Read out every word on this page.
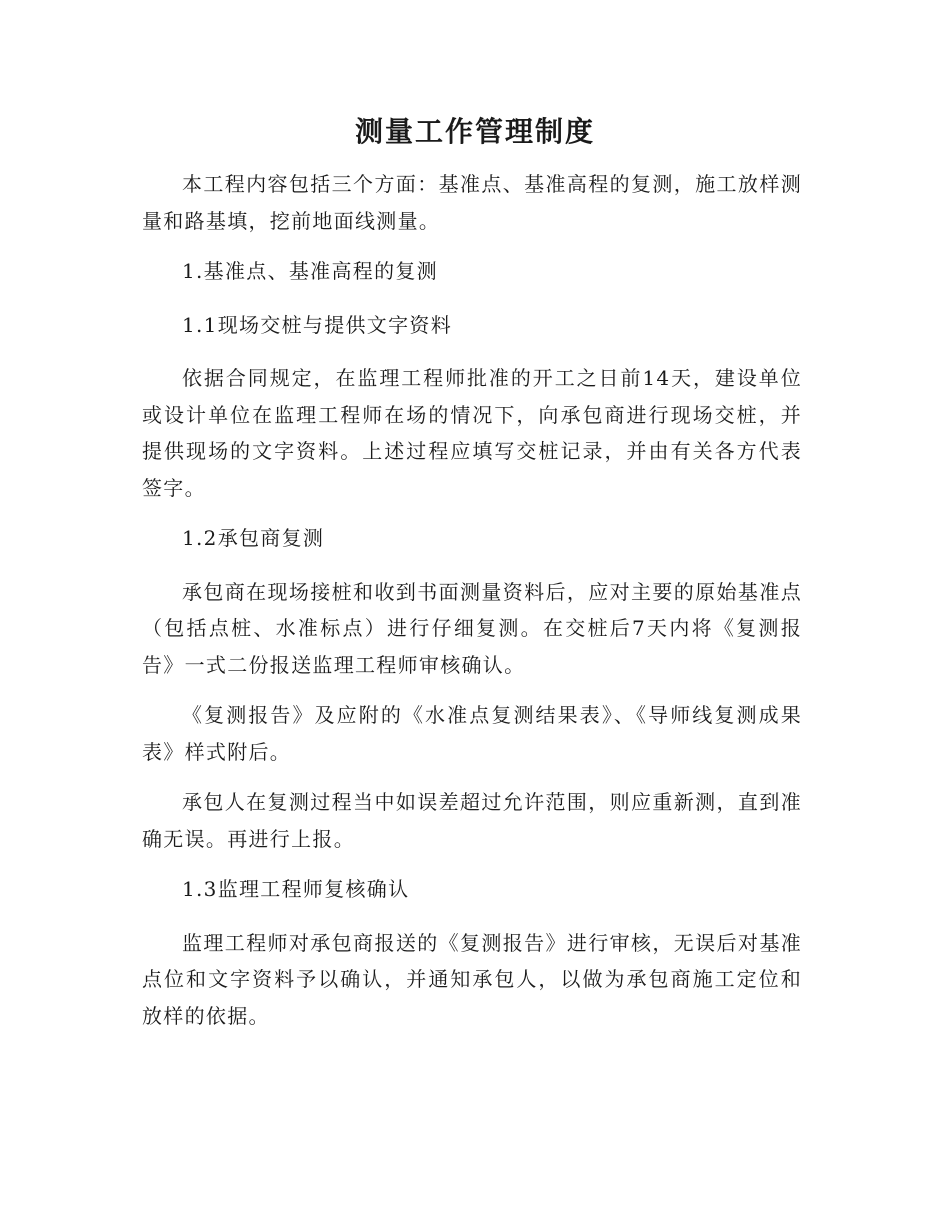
测量工作管理制度

本工程内容包括三个方面：基准点、基准高程的复测，施工放样测量和路基填，挖前地面线测量。

1.基准点、基准高程的复测

1.1现场交桩与提供文字资料

依据合同规定，在监理工程师批准的开工之日前14天，建设单位或设计单位在监理工程师在场的情况下，向承包商进行现场交桩，并提供现场的文字资料。上述过程应填写交桩记录，并由有关各方代表签字。

1.2承包商复测

承包商在现场接桩和收到书面测量资料后，应对主要的原始基准点（包括点桩、水准标点）进行仔细复测。在交桩后7天内将《复测报告》一式二份报送监理工程师审核确认。

《复测报告》及应附的《水准点复测结果表》、《导师线复测成果表》样式附后。

承包人在复测过程当中如误差超过允许范围，则应重新测，直到准确无误。再进行上报。

1.3监理工程师复核确认

监理工程师对承包商报送的《复测报告》进行审核，无误后对基准点位和文字资料予以确认，并通知承包人，以做为承包商施工定位和放样的依据。
